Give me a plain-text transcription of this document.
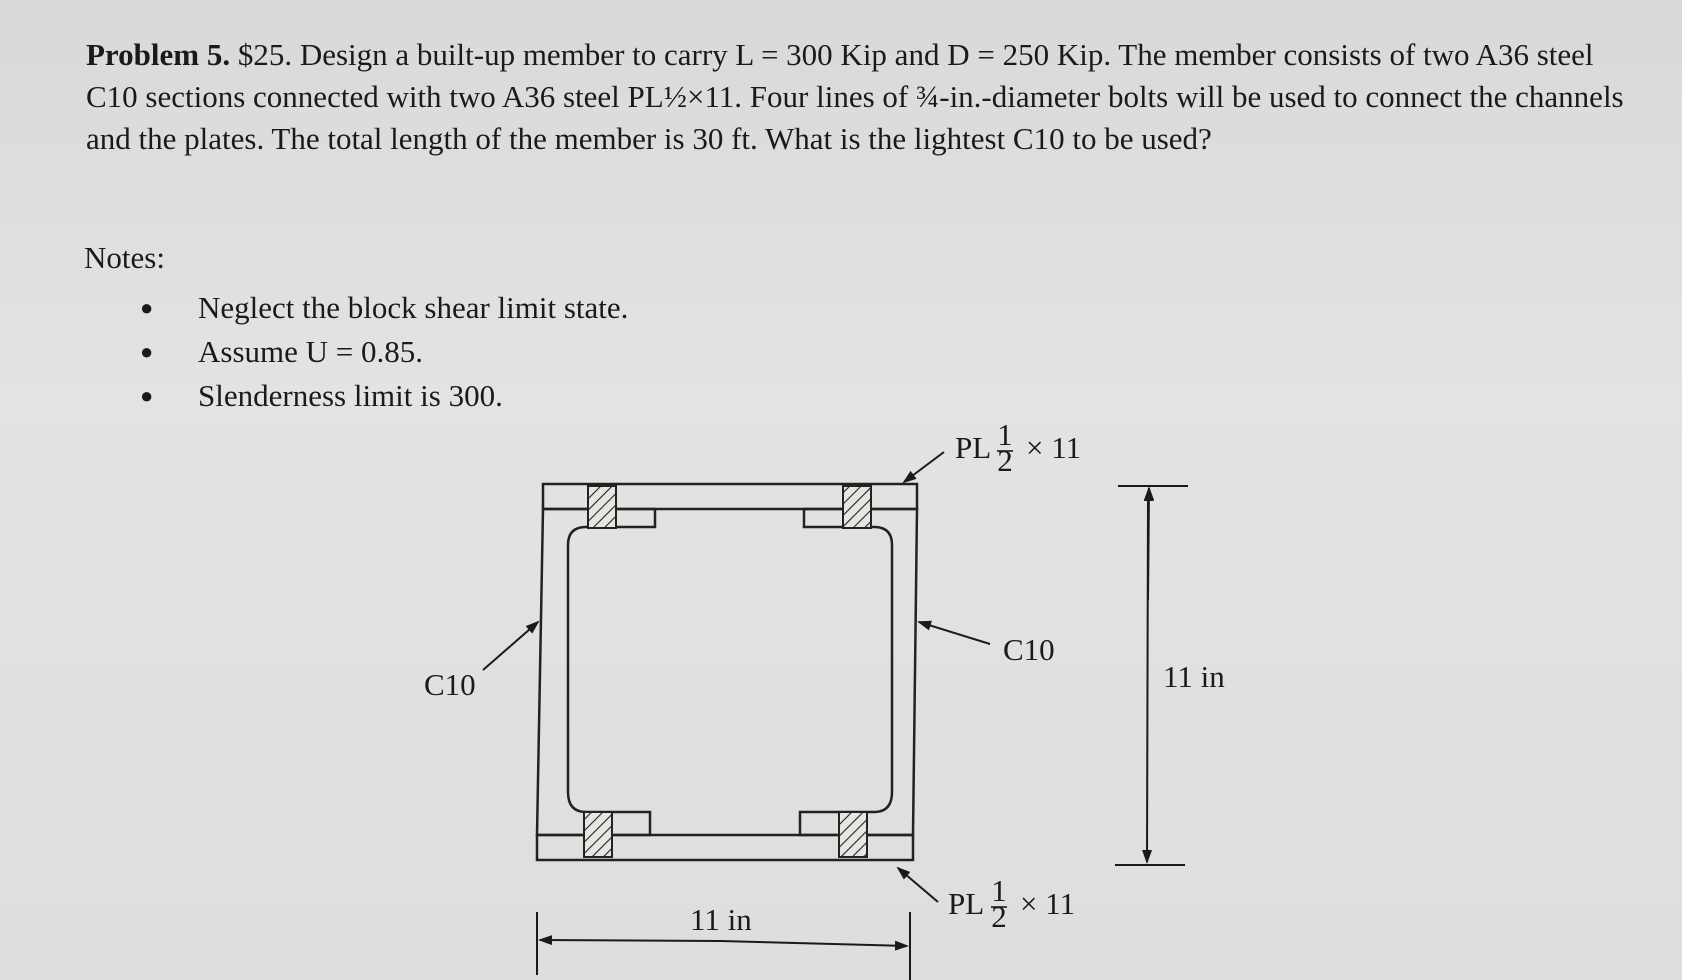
Problem 5. $25. Design a built-up member to carry L = 300 Kip and D = 250 Kip. The member consists of two A36 steel C10 sections connected with two A36 steel PL½×11. Four lines of ¾-in.-diameter bolts will be used to connect the channels and the plates. The total length of the member is 30 ft. What is the lightest C10 to be used?
Notes:
● Neglect the block shear limit state.
● Assume U = 0.85.
● Slenderness limit is 300.
PL 1
2 × 11
C10
C10	11 in
PL 1
2 × 11
11 in
